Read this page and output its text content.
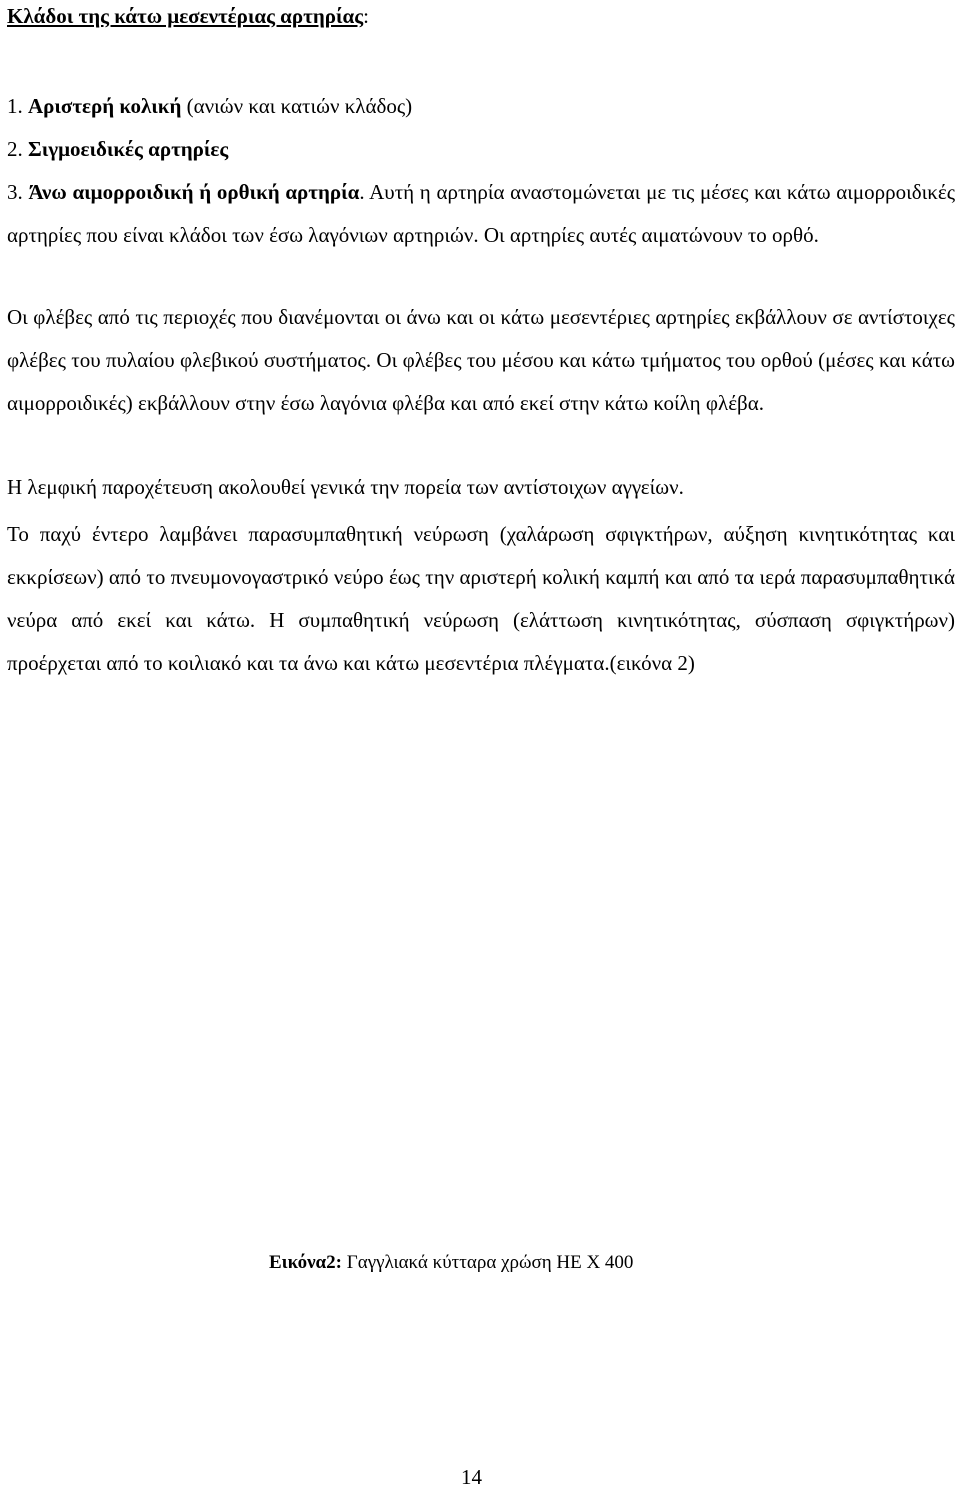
Κλάδοι της κάτω μεσεντέριας αρτηρίας:
1. Αριστερή κολική (ανιών και κατιών κλάδος)
2. Σιγμοειδικές αρτηρίες
3. Άνω αιμορροιδική ή ορθική αρτηρία. Αυτή η αρτηρία αναστομώνεται με τις μέσες και κάτω αιμορροιδικές αρτηρίες που είναι κλάδοι των έσω λαγόνιων αρτηριών. Οι αρτηρίες αυτές αιματώνουν το ορθό.
Οι φλέβες από τις περιοχές που διανέμονται οι άνω και οι κάτω μεσεντέριες αρτηρίες εκβάλλουν σε αντίστοιχες φλέβες του πυλαίου φλεβικού συστήματος. Οι φλέβες του μέσου και κάτω τμήματος του ορθού (μέσες και κάτω αιμορροιδικές) εκβάλλουν στην έσω λαγόνια φλέβα και από εκεί στην κάτω κοίλη φλέβα.
Η λεμφική παροχέτευση ακολουθεί γενικά την πορεία των αντίστοιχων αγγείων.
Το παχύ έντερο λαμβάνει παρασυμπαθητική νεύρωση (χαλάρωση σφιγκτήρων, αύξηση κινητικότητας και εκκρίσεων) από το πνευμονογαστρικό νεύρο έως την αριστερή κολική καμπή και από τα ιερά παρασυμπαθητικά νεύρα από εκεί και κάτω. Η συμπαθητική νεύρωση (ελάττωση κινητικότητας, σύσπαση σφιγκτήρων) προέρχεται από το κοιλιακό και τα άνω και κάτω μεσεντέρια πλέγματα.(εικόνα 2)
Εικόνα2: Γαγγλιακά κύτταρα χρώση ΗΕ Χ 400
14
